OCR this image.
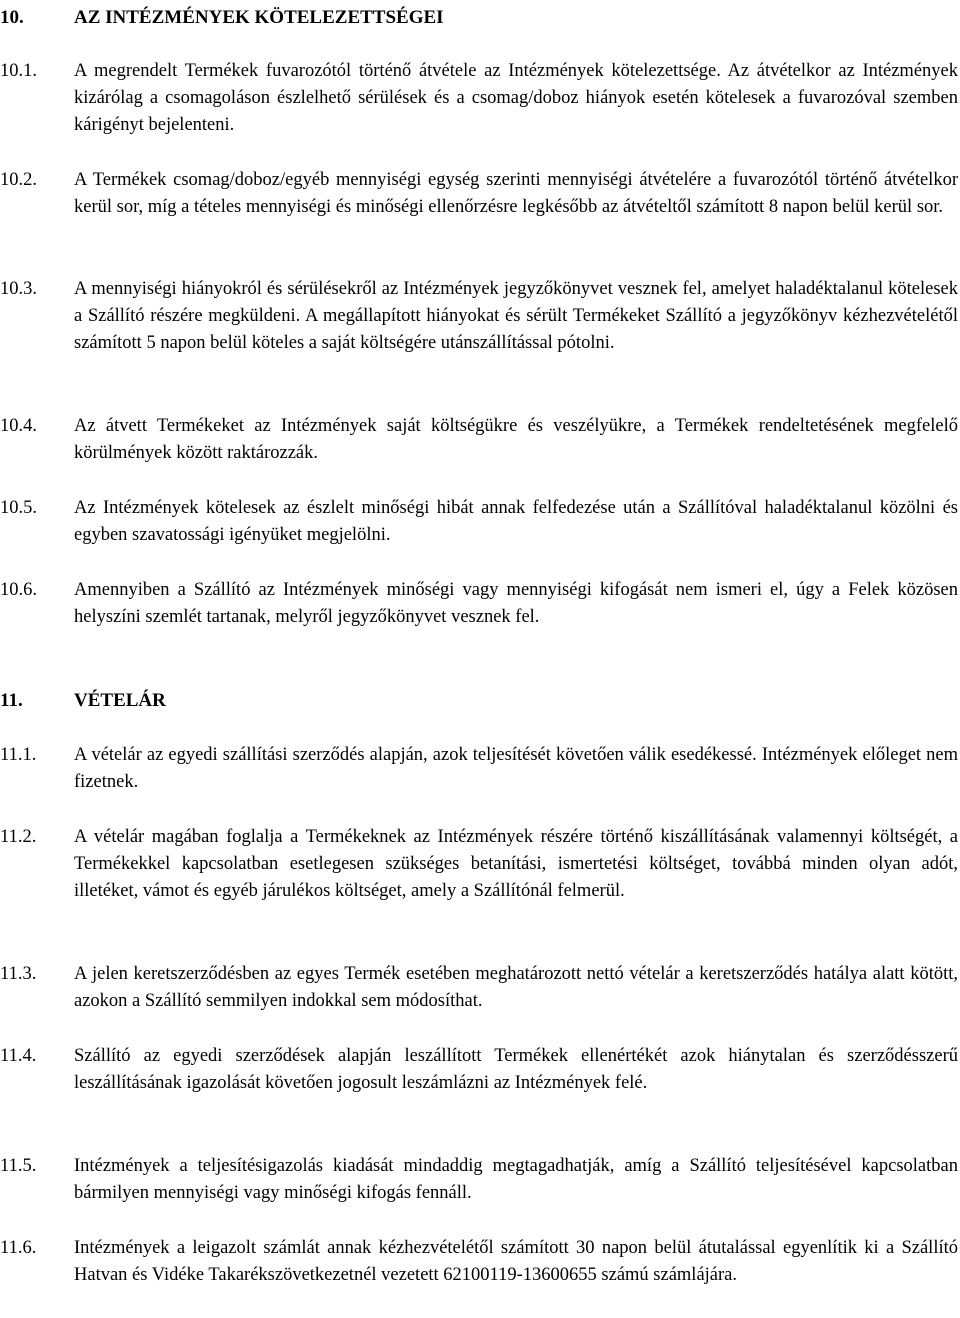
10.	AZ INTÉZMÉNYEK KÖTELEZETTSÉGEI
10.1. A megrendelt Termékek fuvarozótól történő átvétele az Intézmények kötelezettsége. Az átvételkor az Intézmények kizárólag a csomagoláson észlelhető sérülések és a csomag/doboz hiányok esetén kötelesek a fuvarozóval szemben kárigényt bejelenteni.
10.2. A Termékek csomag/doboz/egyéb mennyiségi egység szerinti mennyiségi átvételére a fuvarozótól történő átvételkor kerül sor, míg a tételes mennyiségi és minőségi ellenőrzésre legkésőbb az átvételtől számított 8 napon belül kerül sor.
10.3. A mennyiségi hiányokról és sérülésekről az Intézmények jegyzőkönyvet vesznek fel, amelyet haladéktalanul kötelesek a Szállító részére megküldeni. A megállapított hiányokat és sérült Termékeket Szállító a jegyzőkönyv kézhezvételétől számított 5 napon belül köteles a saját költségére utánszállítással pótolni.
10.4. Az átvett Termékeket az Intézmények saját költségükre és veszélyükre, a Termékek rendeltetésének megfelelő körülmények között raktározzák.
10.5. Az Intézmények kötelesek az észlelt minőségi hibát annak felfedezése után a Szállítóval haladéktalanul közölni és egyben szavatossági igényüket megjelölni.
10.6. Amennyiben a Szállító az Intézmények minőségi vagy mennyiségi kifogását nem ismeri el, úgy a Felek közösen helyszíni szemlét tartanak, melyről jegyzőkönyvet vesznek fel.
11.	VÉTELÁR
11.1. A vételár az egyedi szállítási szerződés alapján, azok teljesítését követően válik esedékessé. Intézmények előleget nem fizetnek.
11.2. A vételár magában foglalja a Termékeknek az Intézmények részére történő kiszállításának valamennyi költségét, a Termékekkel kapcsolatban esetlegesen szükséges betanítási, ismertetési költséget, továbbá minden olyan adót, illetéket, vámot és egyéb járulékos költséget, amely a Szállítónál felmerül.
11.3. A jelen keretszerződésben az egyes Termék esetében meghatározott nettó vételár a keretszerződés hatálya alatt kötött, azokon a Szállító semmilyen indokkal sem módosíthat.
11.4. Szállító az egyedi szerződések alapján leszállított Termékek ellenértékét azok hiánytalan és szerződésszerű leszállításának igazolását követően jogosult leszámlázni az Intézmények felé.
11.5. Intézmények a teljesítésigazolás kiadását mindaddig megtagadhatják, amíg a Szállító teljesítésével kapcsolatban bármilyen mennyiségi vagy minőségi kifogás fennáll.
11.6. Intézmények a leigazolt számlát annak kézhezvételétől számított 30 napon belül átutalással egyenlítik ki a Szállító Hatvan és Vidéke Takarékszövetkezetnél vezetett 62100119-13600655 számú számlájára.
